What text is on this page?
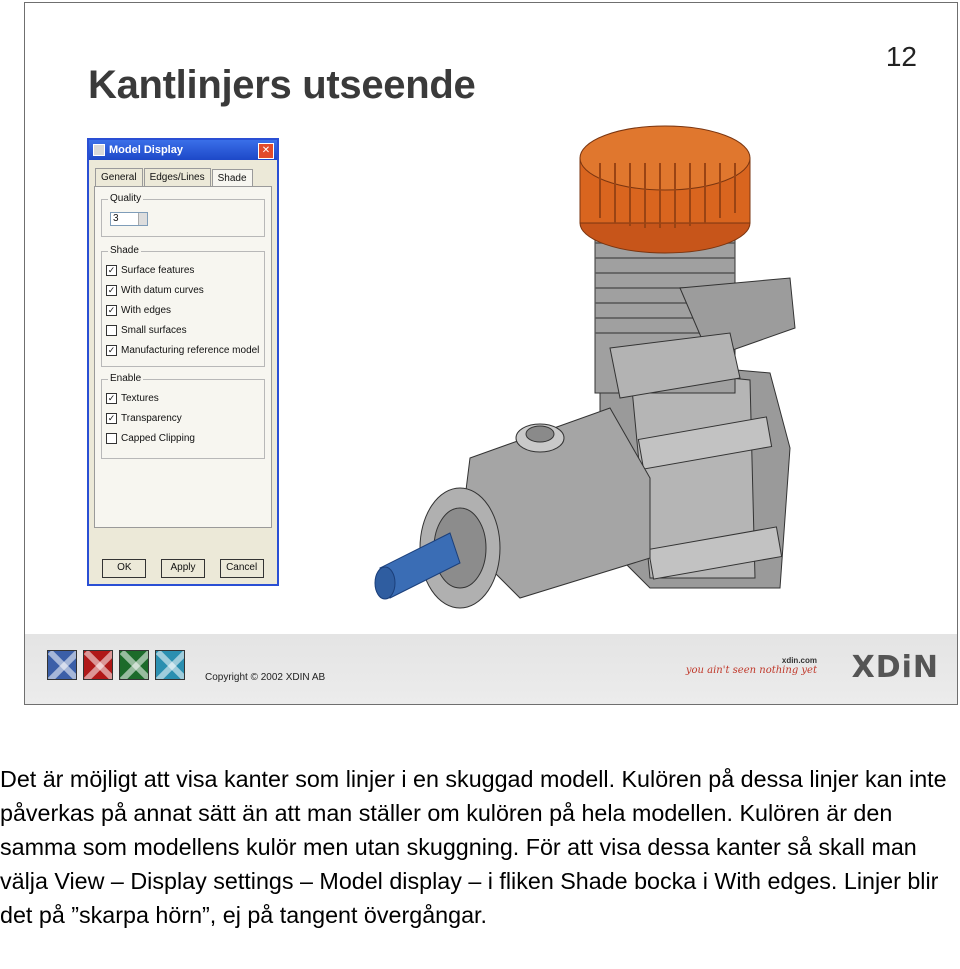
Kantlinjers utseende
12
Model Display	✕
General	Edges/Lines	Shade
Quality
3
Shade
✓ Surface features
✓ With datum curves
✓ With edges
Small surfaces
✓ Manufacturing reference model
Enable
✓ Textures
✓ Transparency
Capped Clipping
OK	Apply	Cancel
Copyright © 2002 XDIN AB
xdin.com
you ain't seen nothing yet XDiN
Det är möjligt att visa kanter som linjer i en skuggad modell. Kulören på dessa linjer kan inte påverkas på annat sätt än att man ställer om kulören på hela modellen. Kulören är den samma som modellens kulör men utan skuggning. För att visa dessa kanter så skall man välja View – Display settings – Model display – i fliken Shade bocka i With edges. Linjer blir det på ”skarpa hörn”, ej på tangent övergångar.
